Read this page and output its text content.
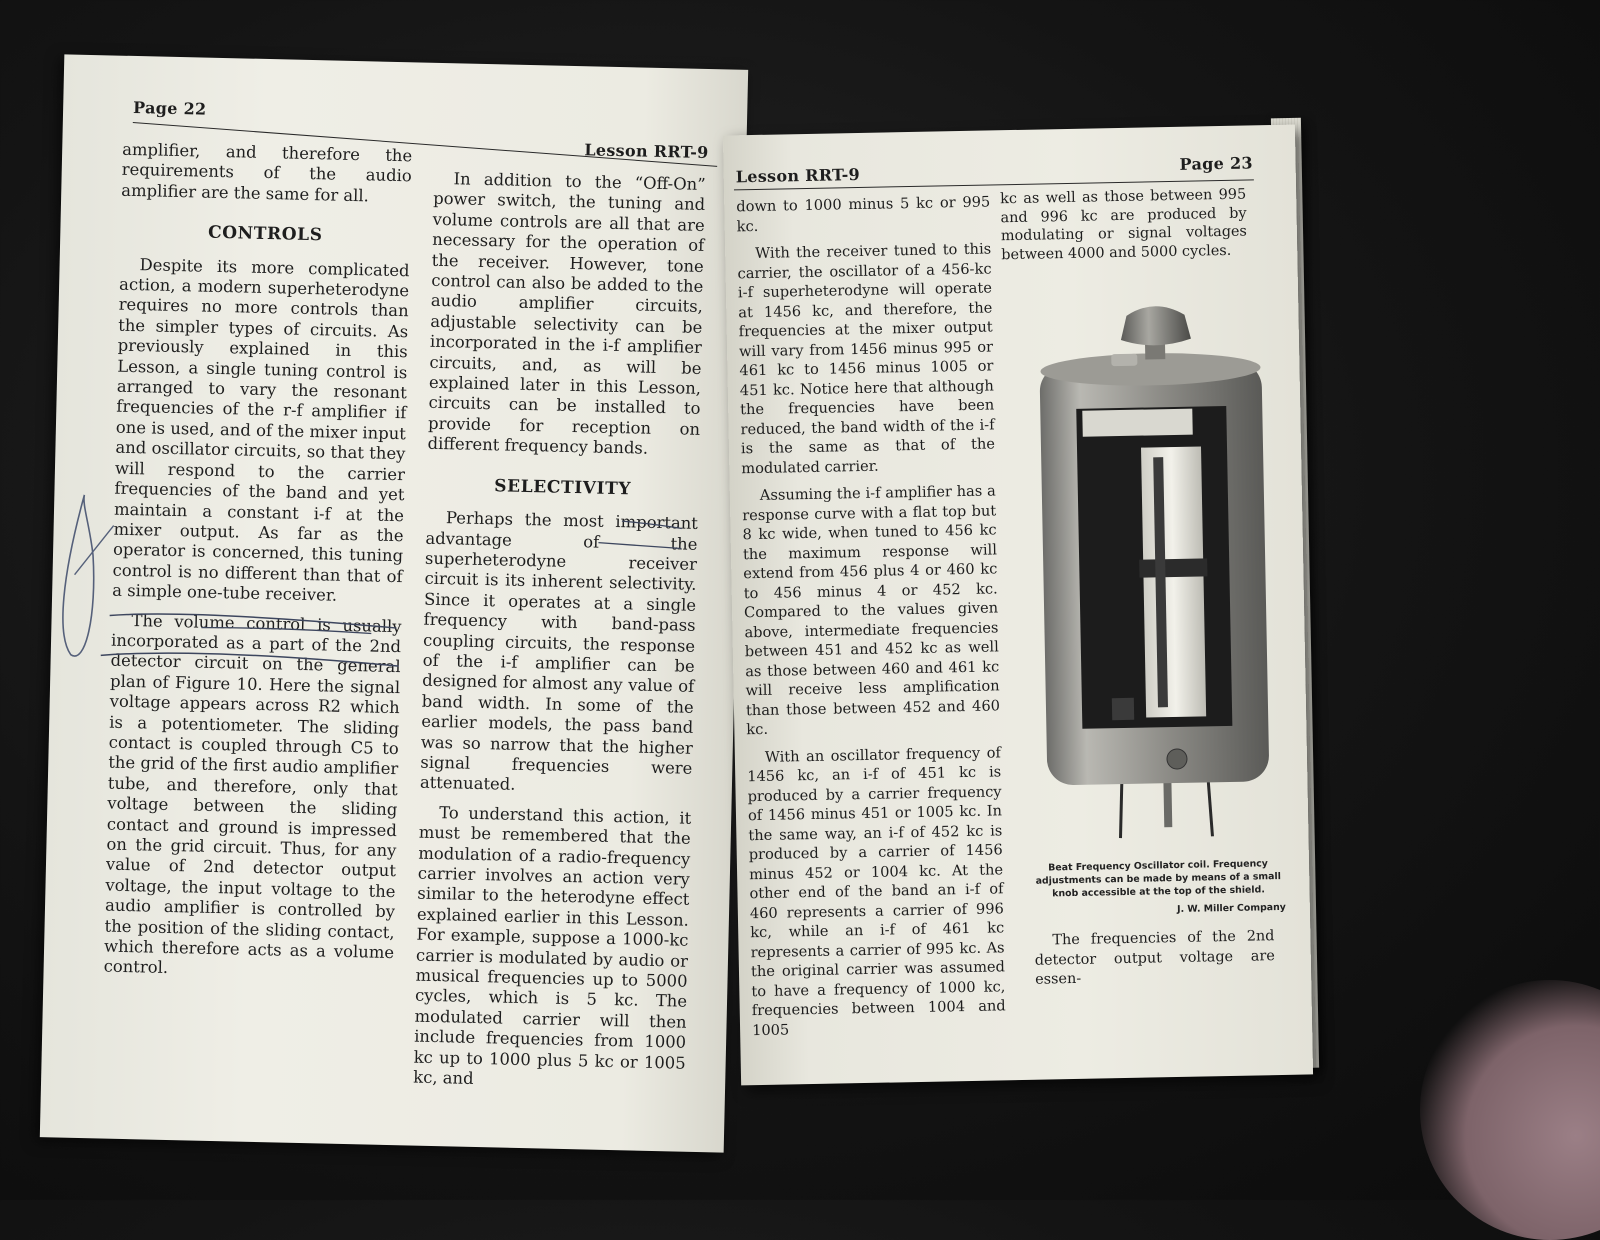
Page 22
Lesson RRT-9

amplifier, and therefore the requirements of the audio amplifier are the same for all.

CONTROLS

Despite its more complicated action, a modern superheterodyne requires no more controls than the simpler types of circuits. As previously explained in this Lesson, a single tuning control is arranged to vary the resonant frequencies of the r-f amplifier if one is used, and of the mixer input and oscillator circuits, so that they will respond to the carrier frequencies of the band and yet maintain a constant i-f at the mixer output. As far as the operator is concerned, this tuning control is no different than that of a simple one-tube receiver.

The volume control is usually incorporated as a part of the 2nd detector circuit on the general plan of Figure 10. Here the signal voltage appears across R2 which is a potentiometer. The sliding contact is coupled through C5 to the grid of the first audio amplifier tube, and therefore, only that voltage between the sliding contact and ground is impressed on the grid circuit. Thus, for any value of 2nd detector output voltage, the input voltage to the audio amplifier is controlled by the position of the sliding contact, which therefore acts as a volume control.

In addition to the “Off-On” power switch, the tuning and volume controls are all that are necessary for the operation of the receiver. However, tone control can also be added to the audio amplifier circuits, adjustable selectivity can be incorporated in the i-f amplifier circuits, and, as will be explained later in this Lesson, circuits can be installed to provide for reception on different frequency bands.

SELECTIVITY

Perhaps the most important advantage of the superheterodyne receiver circuit is its inherent selectivity. Since it operates at a single frequency with band-pass coupling circuits, the response of the i-f amplifier can be designed for almost any value of band width. In some of the earlier models, the pass band was so narrow that the higher signal frequencies were attenuated.

To understand this action, it must be remembered that the modulation of a radio-frequency carrier involves an action very similar to the heterodyne effect explained earlier in this Lesson. For example, suppose a 1000-kc carrier is modulated by audio or musical frequencies up to 5000 cycles, which is 5 kc. The modulated carrier will then include frequencies from 1000 kc up to 1000 plus 5 kc or 1005 kc, and

Lesson RRT-9
Page 23

down to 1000 minus 5 kc or 995 kc.

With the receiver tuned to this carrier, the oscillator of a 456-kc i-f superheterodyne will operate at 1456 kc, and therefore, the frequencies at the mixer output will vary from 1456 minus 995 or 461 kc to 1456 minus 1005 or 451 kc. Notice here that although the frequencies have been reduced, the band width of the i-f is the same as that of the modulated carrier.

Assuming the i-f amplifier has a response curve with a flat top but 8 kc wide, when tuned to 456 kc the maximum response will extend from 456 plus 4 or 460 kc to 456 minus 4 or 452 kc. Compared to the values given above, intermediate frequencies between 451 and 452 kc as well as those between 460 and 461 kc will receive less amplification than those between 452 and 460 kc.

With an oscillator frequency of 1456 kc, an i-f of 451 kc is produced by a carrier frequency of 1456 minus 451 or 1005 kc. In the same way, an i-f of 452 kc is produced by a carrier of 1456 minus 452 or 1004 kc. At the other end of the band an i-f of 460 represents a carrier of 996 kc, while an i-f of 461 kc represents a carrier of 995 kc. As the original carrier was assumed to have a frequency of 1000 kc, frequencies between 1004 and 1005

kc as well as those between 995 and 996 kc are produced by modulating or signal voltages between 4000 and 5000 cycles.

Beat Frequency Oscillator coil. Frequency adjustments can be made by means of a small knob accessible at the top of the shield.
J. W. Miller Company

The frequencies of the 2nd detector output voltage are essen-
